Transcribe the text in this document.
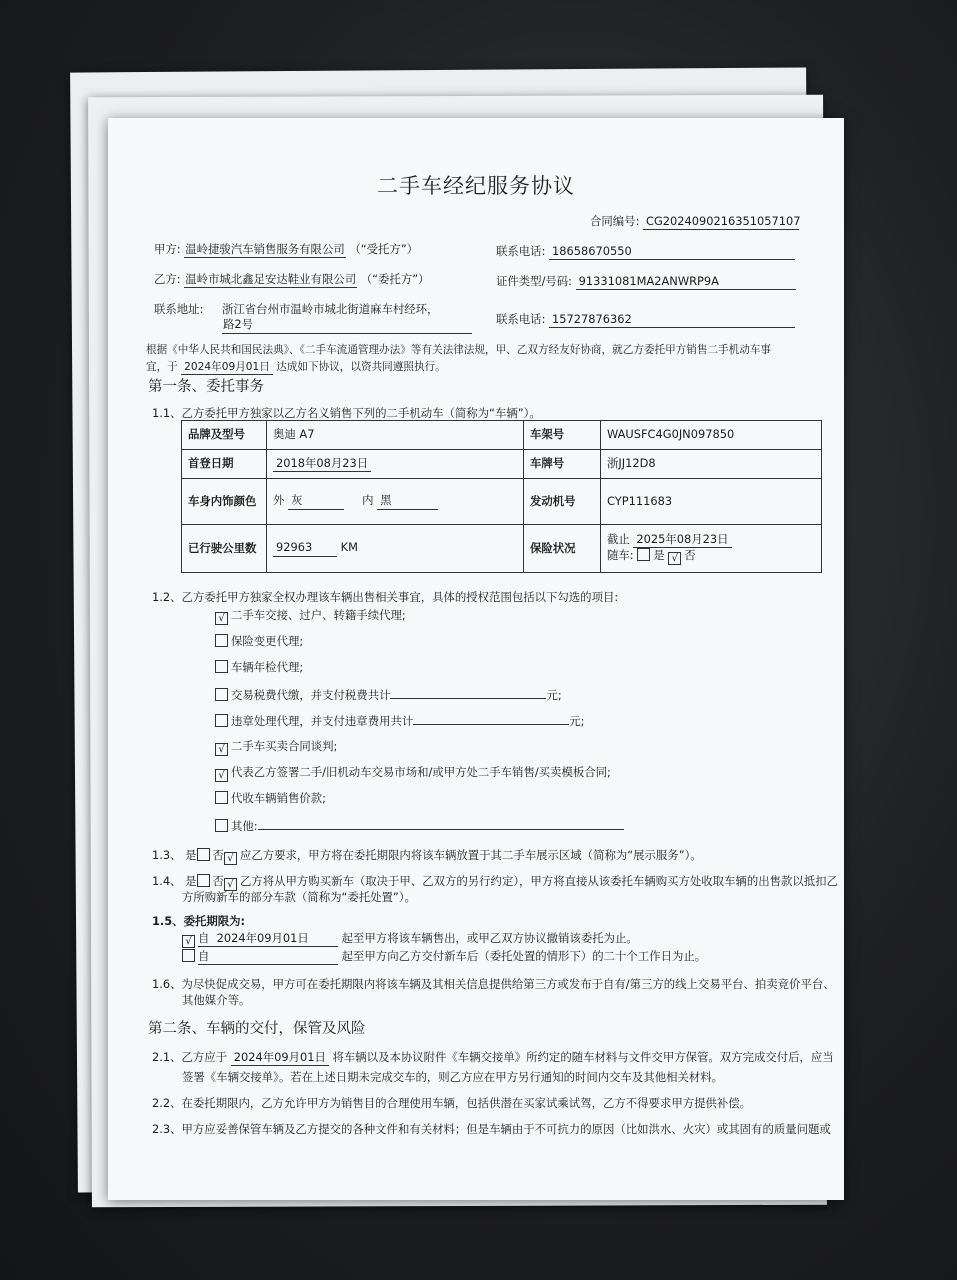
二手车经纪服务协议
合同编号: CG2024090216351057107
甲方: 温岭捷骏汽车销售服务有限公司 （“受托方”）	联系电话: 18658670550
乙方: 温岭市城北鑫足安达鞋业有限公司 （“委托方”）	证件类型/号码: 91331081MA2ANWRP9A
联系地址: 浙江省台州市温岭市城北街道麻车村经环，
路2号	联系电话: 15727876362
根据《中华人民共和国民法典》、《二手车流通管理办法》等有关法律法规，甲、乙双方经友好协商，就乙方委托甲方销售二手机动车事
宜，于 2024年09月01日 达成如下协议，以资共同遵照执行。
第一条、委托事务
1.1、乙方委托甲方独家以乙方名义销售下列的二手机动车（简称为“车辆”）。
品牌及型号	奥迪 A7	车架号	WAUSFC4G0JN097850
首登日期	2018年08月23日	车牌号	浙JJ12D8
车身内饰颜色	外 灰 内 黑	发动机号	CYP111683
已行驶公里数	92963 KM	保险状况	截止 2025年08月23日
随车: 是 √ 否
1.2、乙方委托甲方独家全权办理该车辆出售相关事宜，具体的授权范围包括以下勾选的项目:
√ 二手车交接、过户、转籍手续代理;
保险变更代理;
车辆年检代理;
交易税费代缴，并支付税费共计	元;
违章处理代理，并支付违章费用共计	元;
√ 二手车买卖合同谈判;
√ 代表乙方签署二手/旧机动车交易市场和/或甲方处二手车销售/买卖模板合同;
代收车辆销售价款;
其他:
1.3、 是 否 √ 应乙方要求，甲方将在委托期限内将该车辆放置于其二手车展示区域（简称为“展示服务”）。
1.4、 是 否 √ 乙方将从甲方购买新车（取决于甲、乙双方的另行约定），甲方将直接从该委托车辆购买方处收取车辆的出售款以抵扣乙
方所购新车的部分车款（简称为“委托处置”）。
1.5、委托期限为:
√ 自 2024年09月01日	起至甲方将该车辆售出，或甲乙双方协议撤销该委托为止。
自	起至甲方向乙方交付新车后（委托处置的情形下）的二十个工作日为止。
1.6、为尽快促成交易，甲方可在委托期限内将该车辆及其相关信息提供给第三方或发布于自有/第三方的线上交易平台、拍卖竞价平台、
其他媒介等。
第二条、车辆的交付，保管及风险
2.1、乙方应于 2024年09月01日 将车辆以及本协议附件《车辆交接单》所约定的随车材料与文件交甲方保管。双方完成交付后，应当
签署《车辆交接单》。若在上述日期未完成交车的，则乙方应在甲方另行通知的时间内交车及其他相关材料。
2.2、在委托期限内，乙方允许甲方为销售目的合理使用车辆，包括供潜在买家试乘试驾，乙方不得要求甲方提供补偿。
2.3、甲方应妥善保管车辆及乙方提交的各种文件和有关材料；但是车辆由于不可抗力的原因（比如洪水、火灾）或其固有的质量问题或
